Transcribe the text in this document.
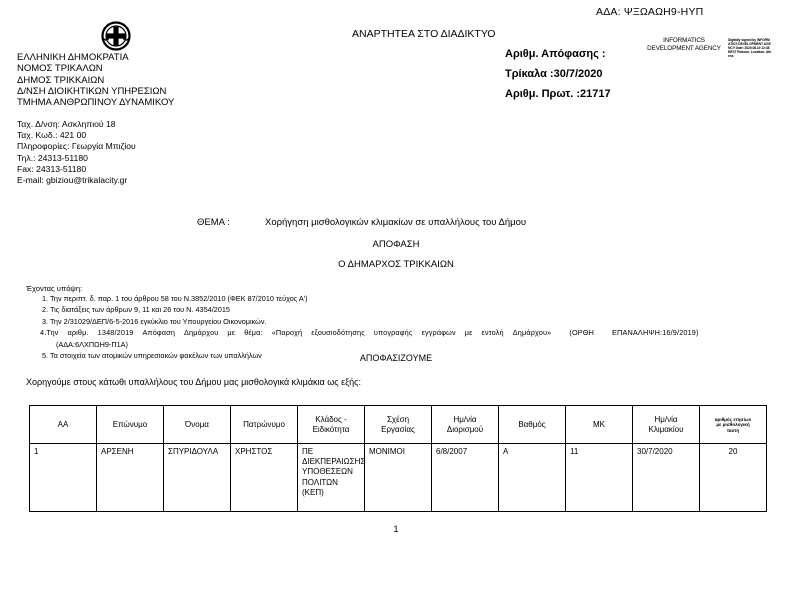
ΑΔΑ: ΨΞΩΑΩΗ9-ΗΥΠ
ΑΝΑΡΤΗΤΕΑ ΣΤΟ ΔΙΑΔΙΚΤΥΟ
ΕΛΛΗΝΙΚΗ ΔΗΜΟΚΡΑΤΙΑ
ΝΟΜΟΣ ΤΡΙΚΑΛΩΝ
ΔΗΜΟΣ ΤΡΙΚΚΑΙΩΝ
Δ/ΝΣΗ ΔΙΟΙΚΗΤΙΚΩΝ ΥΠΗΡΕΣΙΩΝ
ΤΜΗΜΑ ΑΝΘΡΩΠΙΝΟΥ ΔΥΝΑΜΙΚΟΥ
Ταχ. Δ/νση: Ασκληπιού 18
Ταχ. Κωδ.: 421 00
Πληροφορίες: Γεωργία Μπιζίου
Τηλ.: 24313-51180
Fax: 24313-51180
E-mail: gbiziou@trikalacity.gr
Αριθμ. Απόφασης :
Τρίκαλα :30/7/2020
Αριθμ. Πρωτ. :21717
INFORMATICS DEVELOPMENT AGENCY
Digitally signed by INFORMATICS DEVELOPMENT AGENCY Date: 2020.08.19 12:38 EEST Reason: Location: Athens
ΘΕΜΑ :	Χορήγηση μισθολογικών κλιμακίων σε υπαλλήλους του Δήμου
ΑΠΟΦΑΣΗ
Ο ΔΗΜΑΡΧΟΣ ΤΡΙΚΚΑΙΩΝ
Έχοντας υπόψη:
1. Την περιπτ. δ. παρ. 1 του άρθρου 58 του Ν.3852/2010 (ΦΕΚ 87/2010 τεύχος Α')
2. Τις διατάξεις των άρθρων 9, 11 και 26 του Ν. 4354/2015
3. Την 2/31029/ΔΕΠ/6-5-2016 εγκύκλιο του Υπουργείου Οικονομικών.
4.Την αριθμ. 1348/2019 Απόφαση Δημάρχου με θέμα: «Παροχή εξουσιοδότησης υπογραφής εγγράφων με εντολή Δημάρχου» (ΟΡΘΗ ΕΠΑΝΑΛΗΨΗ:16/9/2019)
(ΑΔΑ:6ΛΧΠΩΗ9-Π1Α)
5. Τα στοιχεία των ατομικών υπηρεσιακών φακέλων των υπαλλήλων	ΑΠΟΦΑΣΙΖΟΥΜΕ
Χορηγούμε στους κάτωθι υπαλλήλους του Δήμου μας μισθολογικά κλιμάκια ως εξής:
ΑΑ	Επώνυμο	Όνομα	Πατρώνυμο	Κλάδος -
Ειδικότητα	Σχέση
Εργασίας	Ημ/νία
Διορισμού	Βαθμός	ΜΚ	Ημ/νία
Κλιμακίου	αριθμός ετησίων
με μισθολογική
ταυτη
1	ΑΡΣΕΝΗ	ΣΠΥΡΙΔΟΥΛΑ	ΧΡΗΣΤΟΣ	ΠΕ ΔΙΕΚΠΕΡΑΙΩΣΗΣ ΥΠΟΘΕΣΕΩΝ ΠΟΛΙΤΩΝ (ΚΕΠ)	ΜΟΝΙΜΟΙ	6/8/2007	Α	11	30/7/2020	20
1
